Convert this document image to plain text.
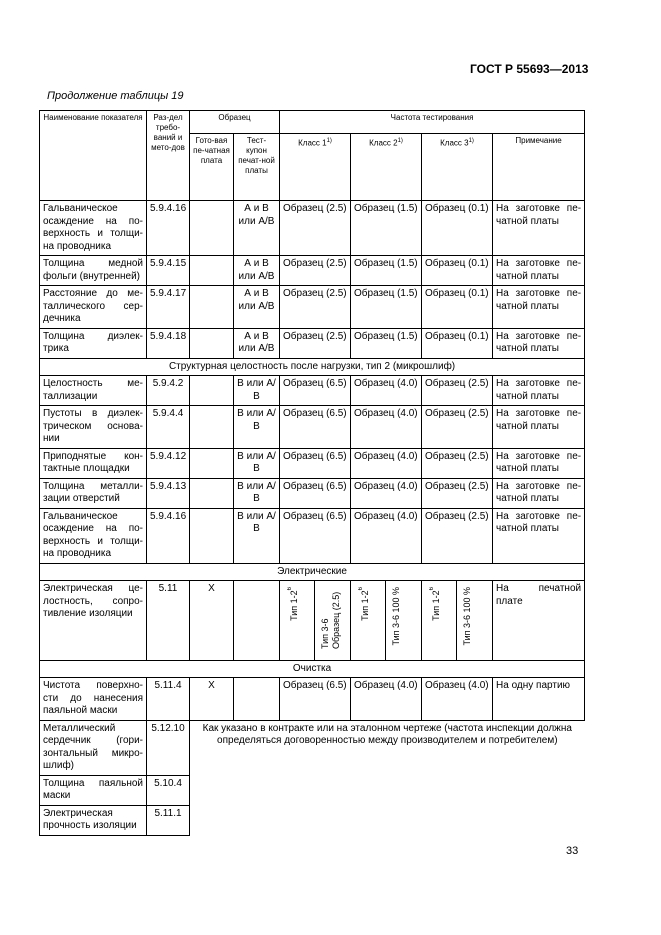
ГОСТ Р 55693—2013
Продолжение таблицы 19
Наименование показателя	Раз-дел требо-ваний и мето-дов	Образец		Частота тестирования						
		Гото-вая пе-чатная плата	Тест-купон печат-ной платы	Класс 1$^{1)}$		Класс 2$^{1)}$		Класс 3$^{1)}$		Примечание
Гальваническое осаждение на по-верхность и толщи-на проводника	5.9.4.16		А и В или А/В	Образец (2.5)		Образец (1.5)		Образец (0.1)		На заготовке пе-чатной платы
Толщина медной фольги (внутренней)	5.9.4.15		А и В или А/В	Образец (2.5)		Образец (1.5)		Образец (0.1)		На заготовке пе-чатной платы
Расстояние до ме-таллического сер-дечника	5.9.4.17		А и В или А/В	Образец (2.5)		Образец (1.5)		Образец (0.1)		На заготовке пе-чатной платы
Толщина диэлек-трика	5.9.4.18		А и В или А/В	Образец (2.5)		Образец (1.5)		Образец (0.1)		На заготовке пе-чатной платы
Структурная целостность после нагрузки, тип 2 (микрошлиф)										
Целостность ме-таллизации	5.9.4.2		В или А/В	Образец (6.5)		Образец (4.0)		Образец (2.5)		На заготовке пе-чатной платы
Пустоты в диэлек-трическом основа-нии	5.9.4.4		В или А/В	Образец (6.5)		Образец (4.0)		Образец (2.5)		На заготовке пе-чатной платы
Приподнятые кон-тактные площадки	5.9.4.12		В или А/В	Образец (6.5)		Образец (4.0)		Образец (2.5)		На заготовке пе-чатной платы
Толщина металли-зации отверстий	5.9.4.13		В или А/В	Образец (6.5)		Образец (4.0)		Образец (2.5)		На заготовке пе-чатной платы
Гальваническое осаждение на по-верхность и толщи-на проводника	5.9.4.16		В или А/В	Образец (6.5)		Образец (4.0)		Образец (2.5)		На заготовке пе-чатной платы
Электрические										
Электрическая це-лостность, сопро-тивление изоляции	5.11	X		Тип $1-2^6$	Тип 3-6 Образец (2.5)	Тип $1-2^6$	Тип 3-6 100 %	Тип $1-2^6$	Тип 3-6 100 %	На печатной плате
Очистка										
Чистота поверхно-сти до нанесения паяльной маски	5.11.4	X		Образец (6.5)		Образец (4.0)		Образец (4.0)		На одну партию
Металлический сердечник (гори-зонтальный микро-шлиф)	5.12.10	Как указано в контракте или на эталонном чертеже (частота инспекции должна определяться договоренностью между производителем и потребителем)								
Толщина паяльной маски	5.10.4									
Электрическая прочность изоляции	5.11.1									
33
